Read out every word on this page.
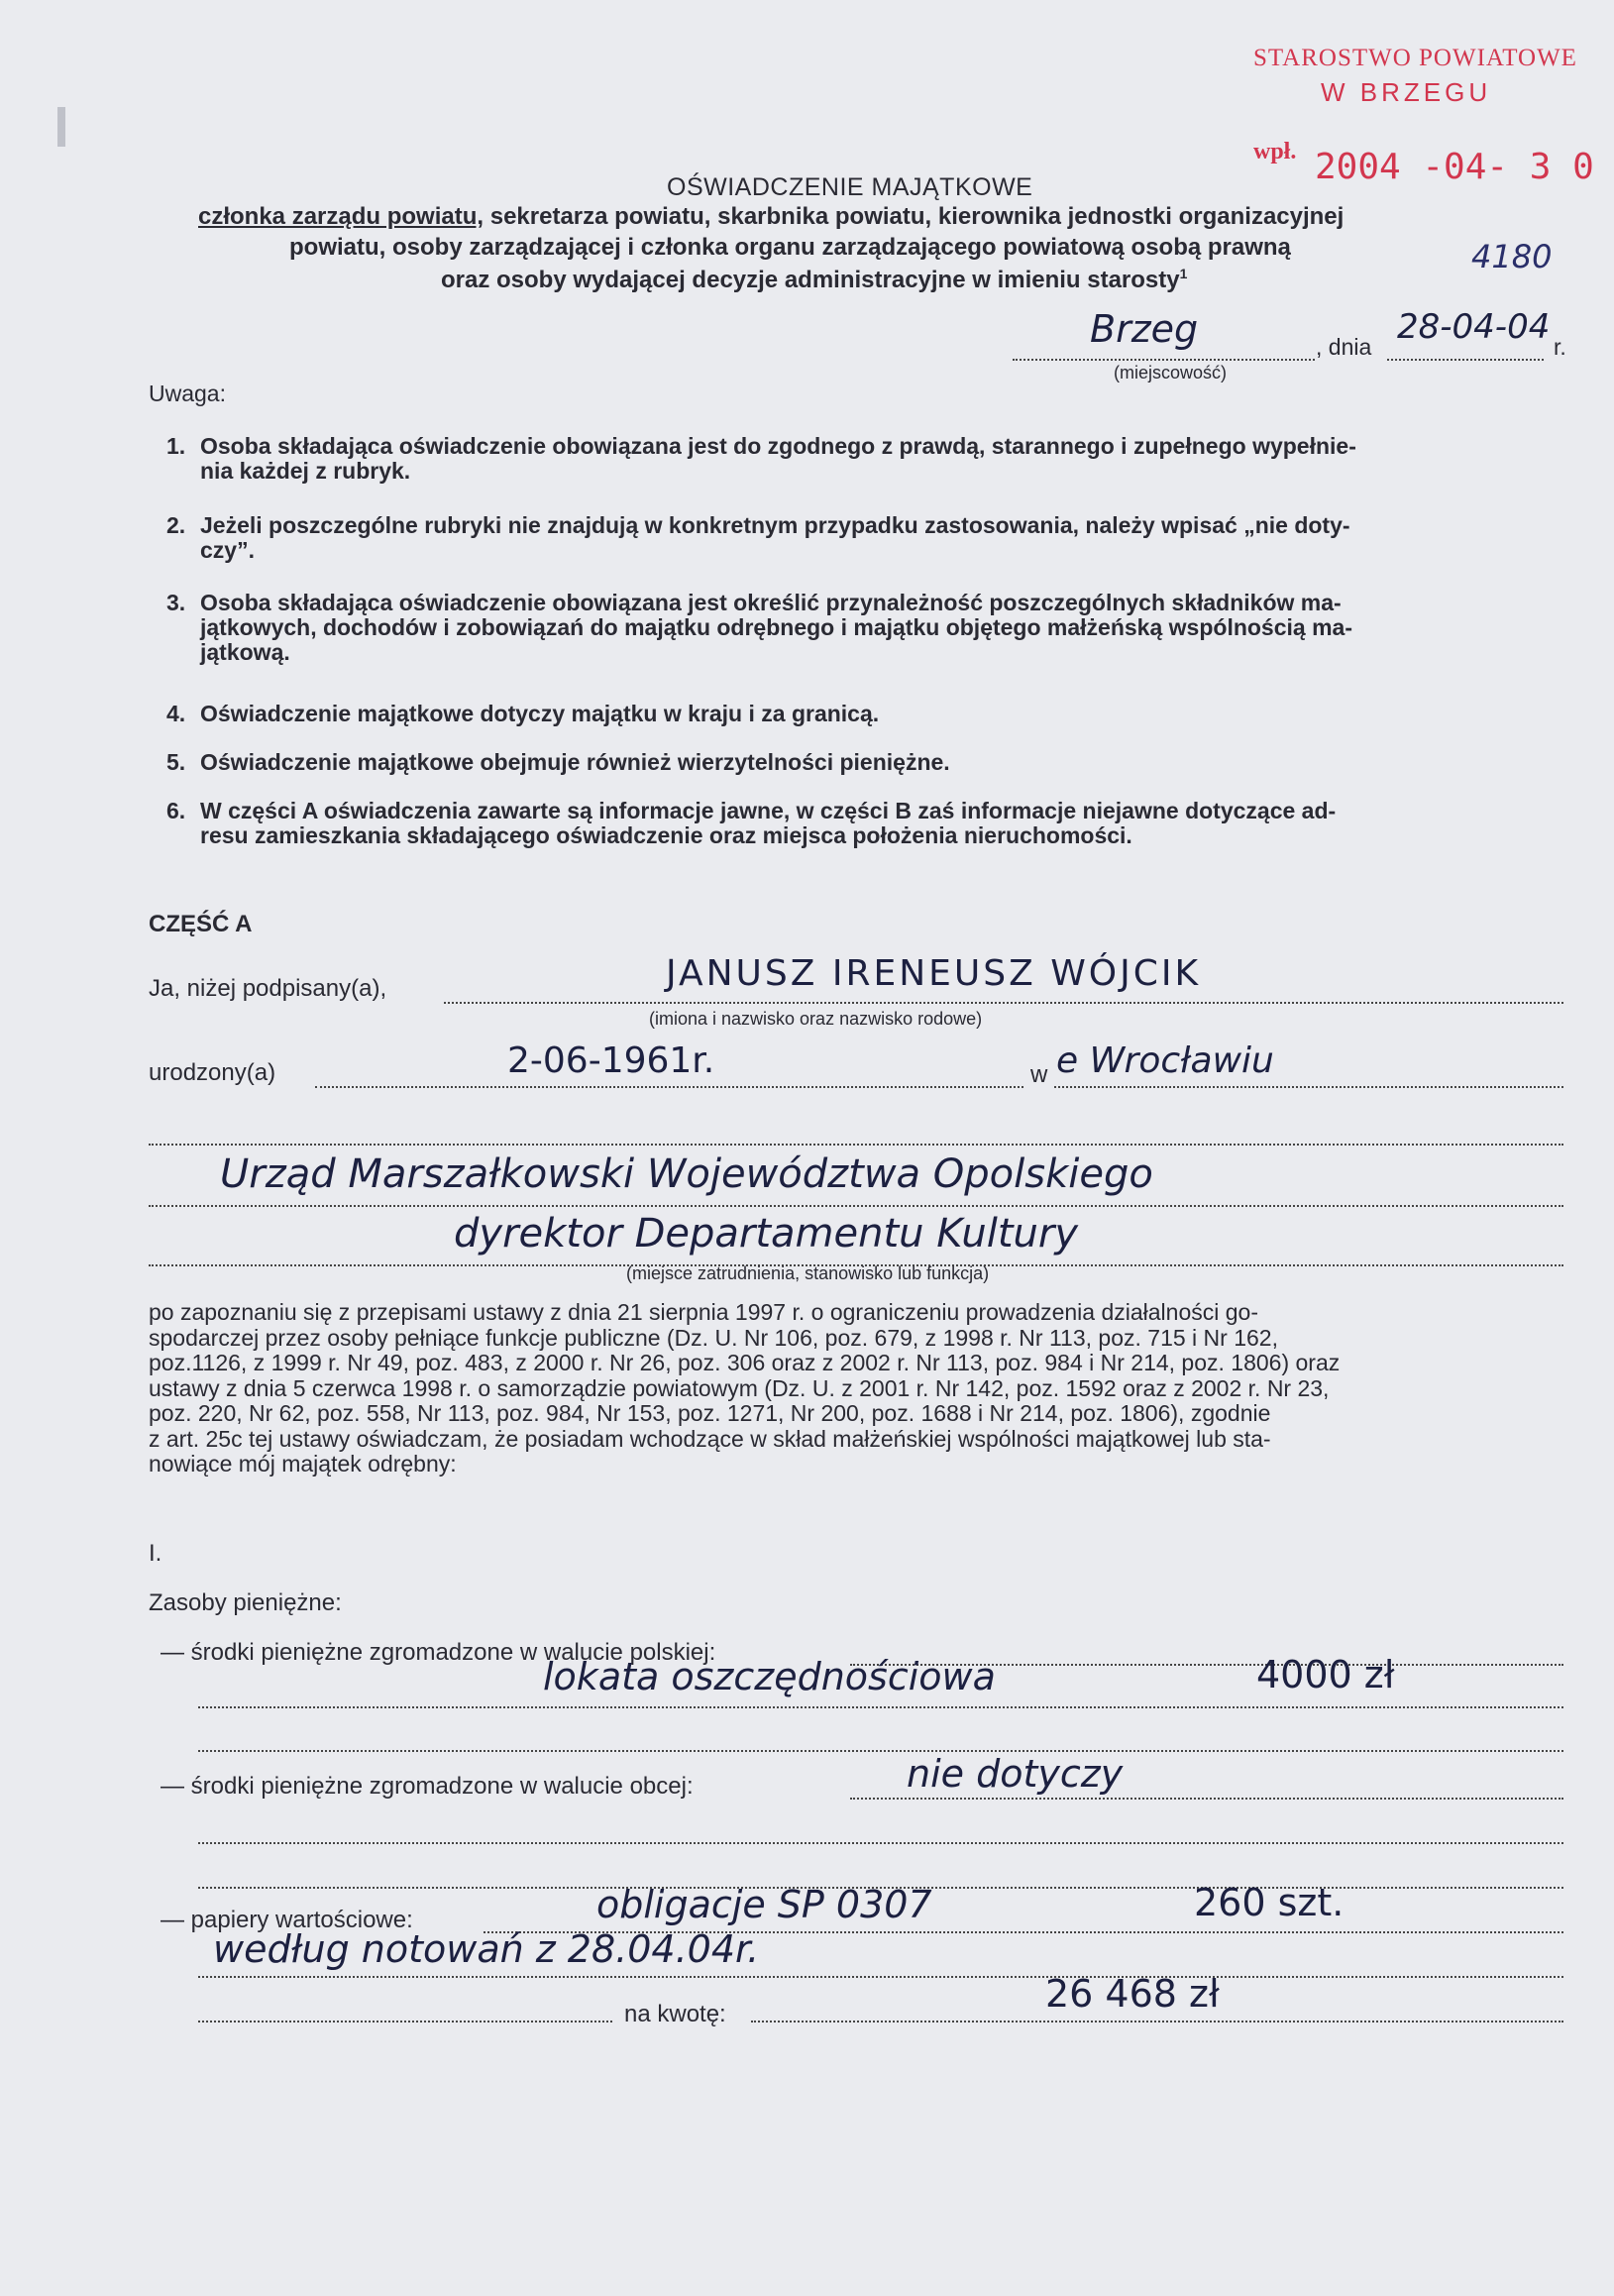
STAROSTWO POWIATOWE
W BRZEGU
wpł. 2004 -04- 3 0
4180
OŚWIADCZENIE MAJĄTKOWE
członka zarządu powiatu, sekretarza powiatu, skarbnika powiatu, kierownika jednostki organizacyjnej
powiatu, osoby zarządzającej i członka organu zarządzającego powiatową osobą prawną
oraz osoby wydającej decyzje administracyjne w imieniu starosty$^1$
Brzeg	, dnia 28-04-04 r.
(miejscowość)
Uwaga:
1. Osoba składająca oświadczenie obowiązana jest do zgodnego z prawdą, starannego i zupełnego wypełnie-
nia każdej z rubryk.
2. Jeżeli poszczególne rubryki nie znajdują w konkretnym przypadku zastosowania, należy wpisać „nie doty-
czy”.
3. Osoba składająca oświadczenie obowiązana jest określić przynależność poszczególnych składników ma-
jątkowych, dochodów i zobowiązań do majątku odrębnego i majątku objętego małżeńską wspólnością ma-
jątkową.
4. Oświadczenie majątkowe dotyczy majątku w kraju i za granicą.
5. Oświadczenie majątkowe obejmuje również wierzytelności pieniężne.
6. W części A oświadczenia zawarte są informacje jawne, w części B zaś informacje niejawne dotyczące ad-
resu zamieszkania składającego oświadczenie oraz miejsca położenia nieruchomości.
CZĘŚĆ A
Ja, niżej podpisany(a),	JANUSZ IRENEUSZ WÓJCIK
(imiona i nazwisko oraz nazwisko rodowe)
urodzony(a)	2-06-1961r.	w e Wrocławiu
Urząd Marszałkowski Województwa Opolskiego
dyrektor Departamentu Kultury
(miejsce zatrudnienia, stanowisko lub funkcja)
po zapoznaniu się z przepisami ustawy z dnia 21 sierpnia 1997 r. o ograniczeniu prowadzenia działalności go-
spodarczej przez osoby pełniące funkcje publiczne (Dz. U. Nr 106, poz. 679, z 1998 r. Nr 113, poz. 715 i Nr 162,
poz.1126, z 1999 r. Nr 49, poz. 483, z 2000 r. Nr 26, poz. 306 oraz z 2002 r. Nr 113, poz. 984 i Nr 214, poz. 1806) oraz
ustawy z dnia 5 czerwca 1998 r. o samorządzie powiatowym (Dz. U. z 2001 r. Nr 142, poz. 1592 oraz z 2002 r. Nr 23,
poz. 220, Nr 62, poz. 558, Nr 113, poz. 984, Nr 153, poz. 1271, Nr 200, poz. 1688 i Nr 214, poz. 1806), zgodnie
z art. 25c tej ustawy oświadczam, że posiadam wchodzące w skład małżeńskiej wspólności majątkowej lub sta-
nowiące mój majątek odrębny:
I.
Zasoby pieniężne:
— środki pieniężne zgromadzone w walucie polskiej:
lokata oszczędnościowa	4000 zł
— środki pieniężne zgromadzone w walucie obcej:	nie dotyczy
— papiery wartościowe:	obligacje SP 0307	260 szt.
według notowań z 28.04.04r.
na kwotę:	26 468 zł
